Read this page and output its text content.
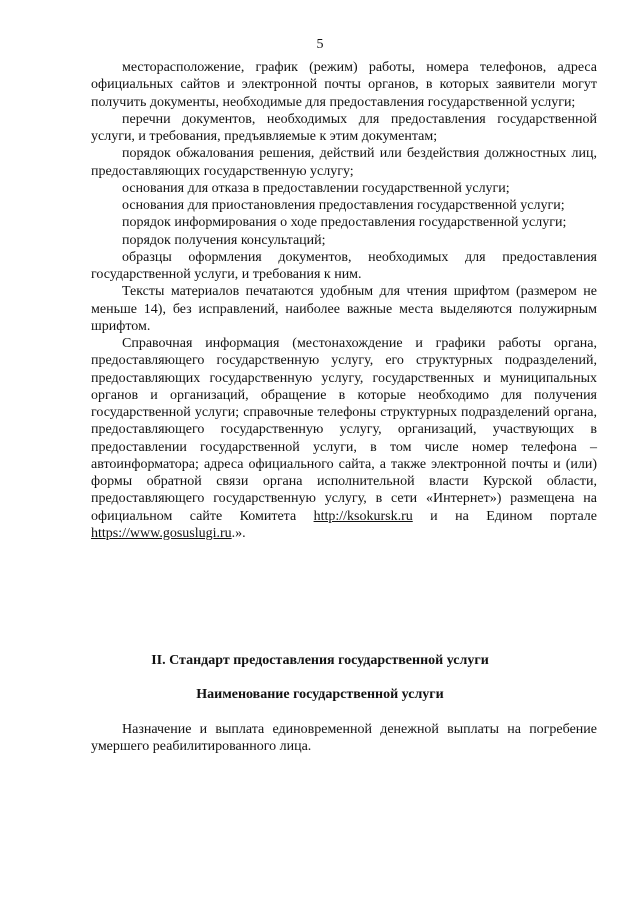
5

месторасположение, график (режим) работы, номера телефонов, адреса официальных сайтов и электронной почты органов, в которых заявители могут получить документы, необходимые для предоставления государственной услуги;

перечни документов, необходимых для предоставления государственной услуги, и требования, предъявляемые к этим документам;

порядок обжалования решения, действий или бездействия должностных лиц, предоставляющих государственную услугу;

основания для отказа в предоставлении государственной услуги;

основания для приостановления предоставления государственной услуги;

порядок информирования о ходе предоставления государственной услуги;

порядок получения консультаций;

образцы оформления документов, необходимых для предоставления государственной услуги, и требования к ним.

Тексты материалов печатаются удобным для чтения шрифтом (размером не меньше 14), без исправлений, наиболее важные места выделяются полужирным шрифтом.

Справочная информация (местонахождение и графики работы органа, предоставляющего государственную услугу, его структурных подразделений, предоставляющих государственную услугу, государственных и муниципальных органов и организаций, обращение в которые необходимо для получения государственной услуги; справочные телефоны структурных подразделений органа, предоставляющего государственную услугу, организаций, участвующих в предоставлении государственной услуги, в том числе номер телефона – автоинформатора; адреса официального сайта, а также электронной почты и (или) формы обратной связи органа исполнительной власти Курской области, предоставляющего государственную услугу, в сети «Интернет») размещена на официальном сайте Комитета http://ksokursk.ru и на Едином портале https://www.gosuslugi.ru.».

II. Стандарт предоставления государственной услуги
Наименование государственной услуги

Назначение и выплата единовременной денежной выплаты на погребение умершего реабилитированного лица.
